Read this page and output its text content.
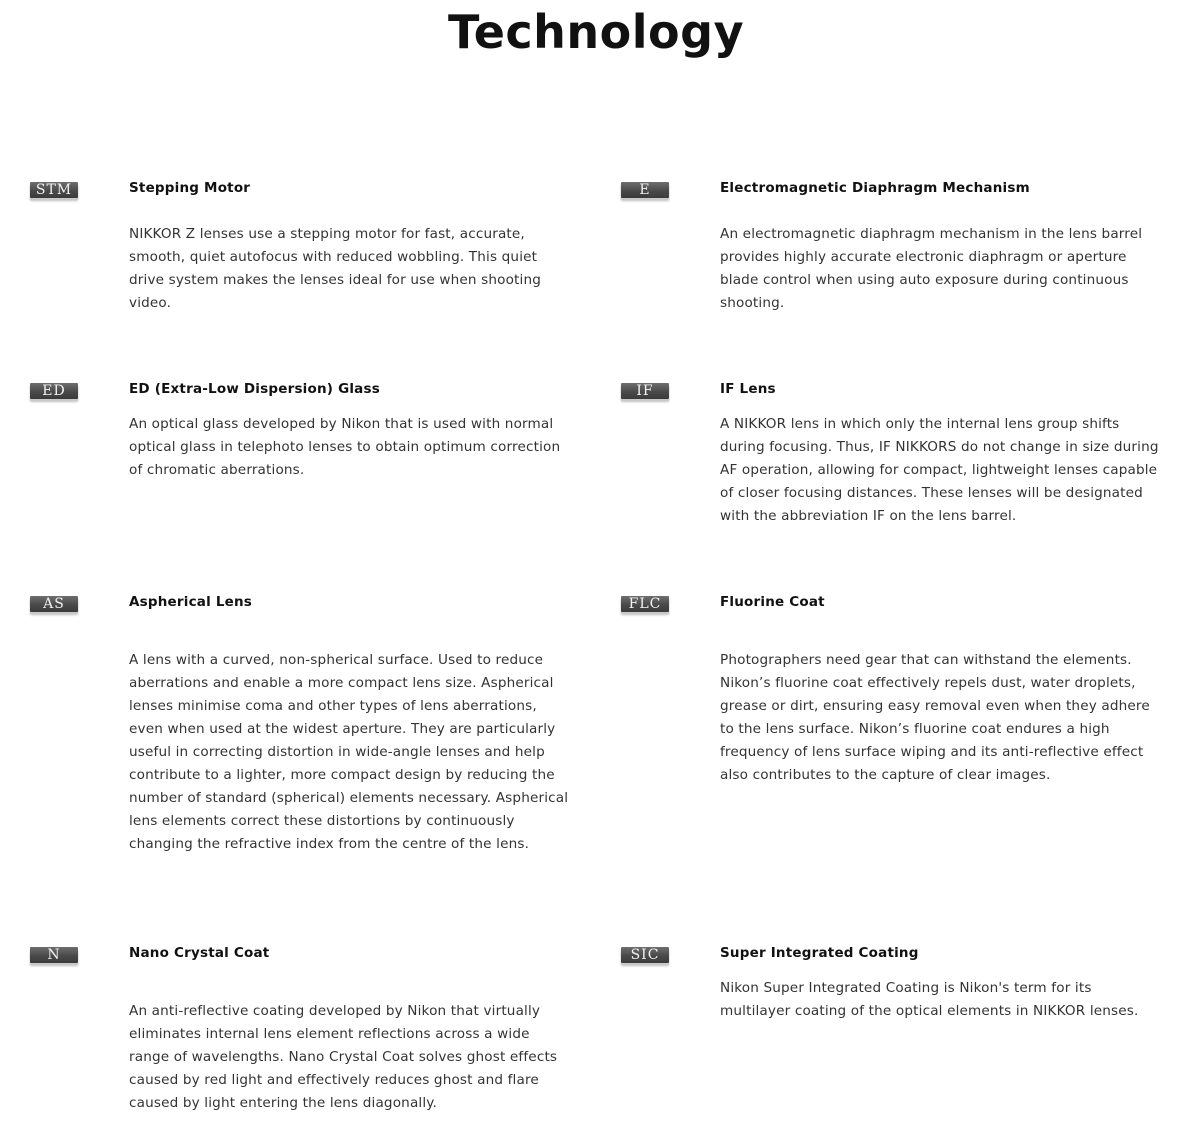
Technology
STM	Stepping Motor
NIKKOR Z lenses use a stepping motor for fast, accurate, smooth, quiet autofocus with reduced wobbling. This quiet drive system makes the lenses ideal for use when shooting video.
E	Electromagnetic Diaphragm Mechanism
An electromagnetic diaphragm mechanism in the lens barrel provides highly accurate electronic diaphragm or aperture blade control when using auto exposure during continuous shooting.
ED	ED (Extra-Low Dispersion) Glass
An optical glass developed by Nikon that is used with normal optical glass in telephoto lenses to obtain optimum correction of chromatic aberrations.
IF	IF Lens
A NIKKOR lens in which only the internal lens group shifts during focusing. Thus, IF NIKKORS do not change in size during AF operation, allowing for compact, lightweight lenses capable of closer focusing distances. These lenses will be designated with the abbreviation IF on the lens barrel.
AS	Aspherical Lens
A lens with a curved, non-spherical surface. Used to reduce aberrations and enable a more compact lens size. Aspherical lenses minimise coma and other types of lens aberrations, even when used at the widest aperture. They are particularly useful in correcting distortion in wide-angle lenses and help contribute to a lighter, more compact design by reducing the number of standard (spherical) elements necessary. Aspherical lens elements correct these distortions by continuously changing the refractive index from the centre of the lens.
FLC	Fluorine Coat
Photographers need gear that can withstand the elements. Nikon’s fluorine coat effectively repels dust, water droplets, grease or dirt, ensuring easy removal even when they adhere to the lens surface. Nikon’s fluorine coat endures a high frequency of lens surface wiping and its anti-reflective effect also contributes to the capture of clear images.
N	Nano Crystal Coat
An anti-reflective coating developed by Nikon that virtually eliminates internal lens element reflections across a wide range of wavelengths. Nano Crystal Coat solves ghost effects caused by red light and effectively reduces ghost and flare caused by light entering the lens diagonally.
SIC	Super Integrated Coating
Nikon Super Integrated Coating is Nikon's term for its multilayer coating of the optical elements in NIKKOR lenses.
